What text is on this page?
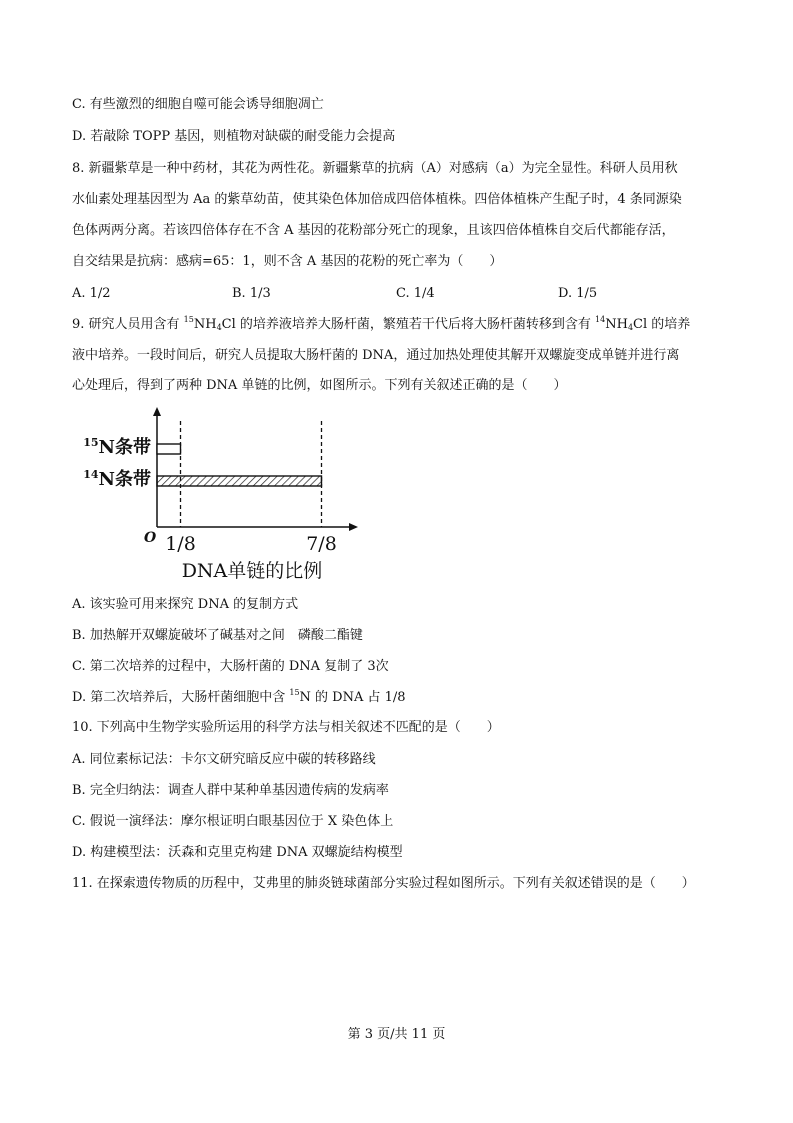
C. 有些激烈的细胞自噬可能会诱导细胞凋亡
D. 若敲除 TOPP 基因，则植物对缺碳的耐受能力会提高
8. 新疆紫草是一种中药材，其花为两性花。新疆紫草的抗病（A）对感病（a）为完全显性。科研人员用秋
水仙素处理基因型为 Aa 的紫草幼苗，使其染色体加倍成四倍体植株。四倍体植株产生配子时，4 条同源染
色体两两分离。若该四倍体存在不含 A 基因的花粉部分死亡的现象，且该四倍体植株自交后代都能存活，
自交结果是抗病：感病=65：1，则不含 A 基因的花粉的死亡率为（　　）
A. 1/2	B. 1/3	C. 1/4	D. 1/5
9. 研究人员用含有 $^{15}NH_4Cl$ 的培养液培养大肠杆菌，繁殖若干代后将大肠杆菌转移到含有 $^{14}NH_4Cl$ 的培养
液中培养。一段时间后，研究人员提取大肠杆菌的 DNA，通过加热处理使其解开双螺旋变成单链并进行离
心处理后，得到了两种 DNA 单链的比例，如图所示。下列有关叙述正确的是（　　）
$^{15}$N条带
1/8
$^{14}$N条带
7/8
O
DNA单链的比例
A. 该实验可用来探究 DNA 的复制方式
B. 加热解开双螺旋破坏了碱基对之间　磷酸二酯键
C. 第二次培养的过程中，大肠杆菌的 DNA 复制了 3次
D. 第二次培养后，大肠杆菌细胞中含 $^{15}$N 的 DNA 占 1/8
10. 下列高中生物学实验所运用的科学方法与相关叙述不匹配的是（　　）
A. 同位素标记法：卡尔文研究暗反应中碳的转移路线
B. 完全归纳法：调查人群中某种单基因遗传病的发病率
C. 假说一演绎法：摩尔根证明白眼基因位于 X 染色体上
D. 构建模型法：沃森和克里克构建 DNA 双螺旋结构模型
11. 在探索遗传物质的历程中，艾弗里的肺炎链球菌部分实验过程如图所示。下列有关叙述错误的是（　　）
第 3 页/共 11 页
